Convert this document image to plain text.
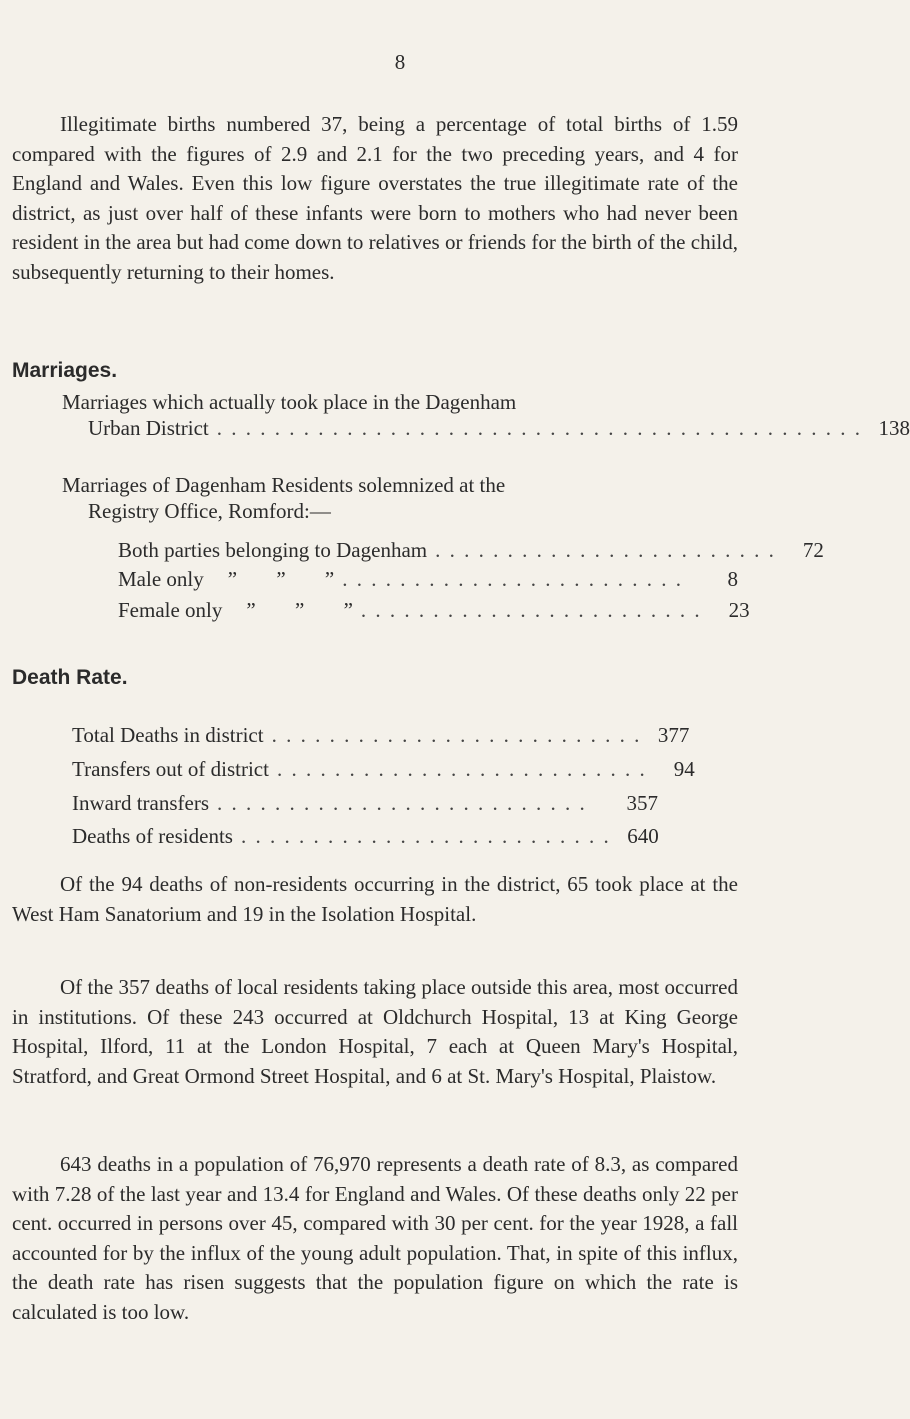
8

Illegitimate births numbered 37, being a percentage of total births of 1.59 compared with the figures of 2.9 and 2.1 for the two preceding years, and 4 for England and Wales. Even this low figure overstates the true illegitimate rate of the district, as just over half of these infants were born to mothers who had never been resident in the area but had come down to relatives or friends for the birth of the child, subsequently returning to their homes.

Marriages.
Marriages which actually took place in the Dagenham
Urban District . . . . . . . . . . . . . . . . . . . . . . . . . . . . . . . . . . . . . . . . . . . . . 138
Marriages of Dagenham Residents solemnized at the
Registry Office, Romford:—
Both parties belonging to Dagenham . . . . . . . . . . . . . . . . . . . . . . . .	72
Male only	” ” ” . . . . . . . . . . . . . . . . . . . . . . . .	8
Female only	” ” ” . . . . . . . . . . . . . . . . . . . . . . . .	23
Death Rate.
Total Deaths in district . . . . . . . . . . . . . . . . . . . . . . . . . . 377
Transfers out of district . . . . . . . . . . . . . . . . . . . . . . . . . .	94
Inward transfers . . . . . . . . . . . . . . . . . . . . . . . . . .	357
Deaths of residents . . . . . . . . . . . . . . . . . . . . . . . . . . 640

Of the 94 deaths of non-residents occurring in the district, 65 took place at the West Ham Sanatorium and 19 in the Isolation Hospital.

Of the 357 deaths of local residents taking place outside this area, most occurred in institutions. Of these 243 occurred at Oldchurch Hospital, 13 at King George Hospital, Ilford, 11 at the London Hospital, 7 each at Queen Mary's Hospital, Stratford, and Great Ormond Street Hospital, and 6 at St. Mary's Hospital, Plaistow.

643 deaths in a population of 76,970 represents a death rate of 8.3, as compared with 7.28 of the last year and 13.4 for England and Wales. Of these deaths only 22 per cent. occurred in persons over 45, compared with 30 per cent. for the year 1928, a fall accounted for by the influx of the young adult population. That, in spite of this influx, the death rate has risen suggests that the population figure on which the rate is calculated is too low.
